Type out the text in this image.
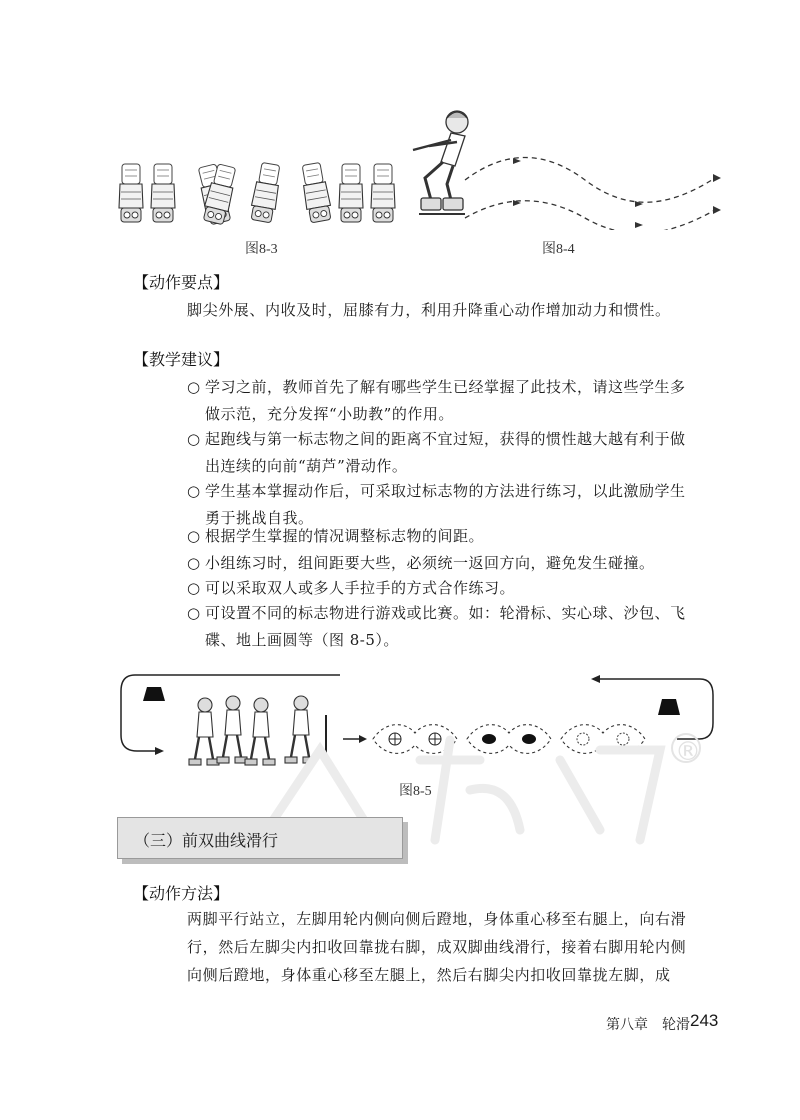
图8-3	图8-4
【动作要点】
脚尖外展、内收及时，屈膝有力，利用升降重心动作增加动力和惯性。
【教学建议】
○ 学习之前，教师首先了解有哪些学生已经掌握了此技术，请这些学生多
做示范，充分发挥“小助教”的作用。
○ 起跑线与第一标志物之间的距离不宜过短，获得的惯性越大越有利于做
出连续的向前“葫芦”滑动作。
○ 学生基本掌握动作后，可采取过标志物的方法进行练习，以此激励学生
勇于挑战自我。
○ 根据学生掌握的情况调整标志物的间距。
○ 小组练习时，组间距要大些，必须统一返回方向，避免发生碰撞。
○ 可以采取双人或多人手拉手的方式合作练习。
○ 可设置不同的标志物进行游戏或比赛。如：轮滑标、实心球、沙包、飞
碟、地上画圆等（图 8-5）。
图8-5
®
（三）前双曲线滑行
【动作方法】
两脚平行站立，左脚用轮内侧向侧后蹬地，身体重心移至右腿上，向右滑
行，然后左脚尖内扣收回靠拢右脚，成双脚曲线滑行，接着右脚用轮内侧
向侧后蹬地，身体重心移至左腿上，然后右脚尖内扣收回靠拢左脚，成
第八章　轮滑 243
